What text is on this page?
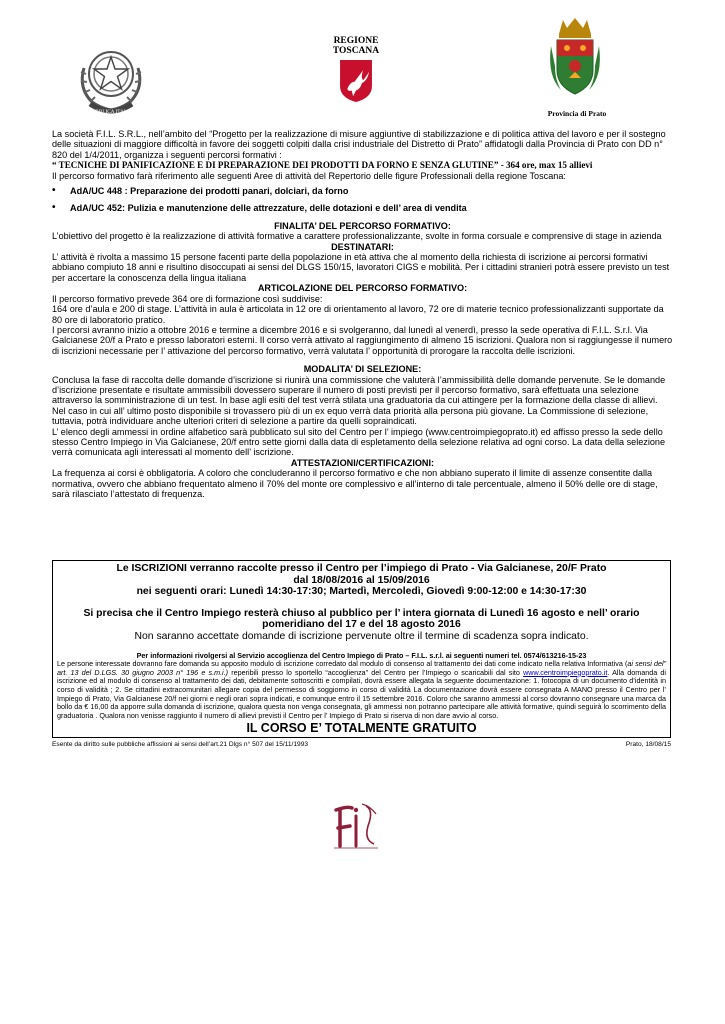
REPVBBLICA ITALIANA
REGIONE
TOSCANA
Provincia di Prato

La società F.I.L. S.R.L., nell’ambito del “Progetto per la realizzazione di misure aggiuntive di stabilizzazione e di politica attiva del lavoro e per il sostegno delle situazioni di maggiore difficoltà in favore dei soggetti colpiti dalla crisi industriale del Distretto di Prato” affidatogli dalla Provincia di Prato con DD n° 820 del 1/4/2011, organizza i seguenti percorsi formativi :

“ TECNICHE DI PANIFICAZIONE E DI PREPARAZIONE DEI PRODOTTI DA FORNO E SENZA GLUTINE” - 364 ore, max 15 allievi

Il percorso formativo farà riferimento alle seguenti Aree di attività del Repertorio delle figure Professionali della regione Toscana:

• AdA/UC 448 : Preparazione dei prodotti panari, dolciari, da forno
• AdA/UC 452: Pulizia e manutenzione delle attrezzature, delle dotazioni e dell’ area di vendita

FINALITA’ DEL PERCORSO FORMATIVO:

L’obiettivo del progetto è la realizzazione di attività formative a carattere professionalizzante, svolte in forma corsuale e comprensive di stage in azienda

DESTINATARI:

L’ attività è rivolta a massimo 15 persone facenti parte della popolazione in età attiva che al momento della richiesta di iscrizione ai percorsi formativi abbiano compiuto 18 anni e risultino disoccupati ai sensi del DLGS 150/15, lavoratori CIGS e mobilità. Per i cittadini stranieri potrà essere previsto un test per accertare la conoscenza della lingua italiana

ARTICOLAZIONE DEL PERCORSO FORMATIVO:

Il percorso formativo prevede 364 ore di formazione così suddivise:

164 ore d’aula e 200 di stage. L’attività in aula è articolata in 12 ore di orientamento al lavoro, 72 ore di materie tecnico professionalizzanti supportate da 80 ore di laboratorio pratico.

I percorsi avranno inizio a ottobre 2016 e termine a dicembre 2016 e si svolgeranno, dal lunedì al venerdì, presso la sede operativa di F.I.L. S.r.l. Via Galcianese 20/f a Prato e presso laboratori esterni. Il corso verrà attivato al raggiungimento di almeno 15 iscrizioni. Qualora non si raggiungesse il numero di iscrizioni necessarie per l’ attivazione del percorso formativo, verrà valutata l’ opportunità di prorogare la raccolta delle iscrizioni.

MODALITA’ DI SELEZIONE:

Conclusa la fase di raccolta delle domande d’iscrizione si riunirà una commissione che valuterà l’ammissibilità delle domande pervenute. Se le domande d’iscrizione presentate e risultate ammissibili dovessero superare il numero di posti previsti per il percorso formativo, sarà effettuata una selezione attraverso la somministrazione di un test. In base agli esiti del test verrà stilata una graduatoria da cui attingere per la formazione della classe di allievi. Nel caso in cui all’ ultimo posto disponibile si trovassero più di un ex equo verrà data priorità alla persona più giovane. La Commissione di selezione, tuttavia, potrà individuare anche ulteriori criteri di selezione a partire da quelli sopraindicati.

L’ elenco degli ammessi in ordine alfabetico sarà pubblicato sul sito del Centro per l’ impiego (www.centroimpiegoprato.it) ed affisso presso la sede dello stesso Centro Impiego in Via Galcianese, 20/f entro sette giorni dalla data di espletamento della selezione relativa ad ogni corso. La data della selezione verrà comunicata agli interessati al momento dell’ iscrizione.

ATTESTAZIONI/CERTIFICAZIONI:

La frequenza ai corsi è obbligatoria. A coloro che concluderanno il percorso formativo e che non abbiano superato il limite di assenze consentite dalla normativa, ovvero che abbiano frequentato almeno il 70% del monte ore complessivo e all’interno di tale percentuale, almeno il 50% delle ore di stage, sarà rilasciato l’attestato di frequenza.

Le ISCRIZIONI verranno raccolte presso il Centro per l’impiego di Prato - Via Galcianese, 20/F Prato
dal 18/08/2016 al 15/09/2016
nei seguenti orari: Lunedì 14:30-17:30; Martedì, Mercoledì, Giovedì 9:00-12:00 e 14:30-17:30
Si precisa che il Centro Impiego resterà chiuso al pubblico per l’ intera giornata di Lunedì 16 agosto e nell’ orario pomeridiano del 17 e del 18 agosto 2016
Non saranno accettate domande di iscrizione pervenute oltre il termine di scadenza sopra indicato.
Per informazioni rivolgersi al Servizio accoglienza del Centro Impiego di Prato – F.I.L. s.r.l. ai seguenti numeri tel. 0574/613216-15-23
Le persone interessate dovranno fare domanda su apposito modulo di iscrizione corredato dal modulo di consenso al trattamento dei dati come indicato nella relativa Informativa (ai sensi del” art. 13 del D.LGS. 30 giugno 2003 n° 196 e s.m.i.) reperibili presso lo sportello “accoglienza” del Centro per l’Impiego o scaricabili dal sito www.centroimpiegoprato.it. Alla domanda di iscrizione ed al modulo di consenso al trattamento dei dati, debitamente sottoscritti e compilati, dovrà essere allegata la seguente documentazione: 1. fotocopia di un documento d’identità in corso di validità ; 2. Se cittadini extracomunitari allegare copia del permesso di soggiorno in corso di validità La documentazione dovrà essere consegnata A MANO presso il Centro per l’ Impiego di Prato, Via Galcianese 20/f nei giorni e negli orari sopra indicati, e comunque entro il 15 settembre 2016. Coloro che saranno ammessi al corso dovranno consegnare una marca da bollo da € 16,00 da apporre sulla domanda di iscrizione, qualora questa non venga consegnata, gli ammessi non potranno partecipare alle attività formative, quindi seguirà lo scorrimento della graduatoria . Qualora non venisse raggiunto il numero di allievi previsti il Centro per l’ Impiego di Prato si riserva di non dare avvio al corso.
IL CORSO E’ TOTALMENTE GRATUITO
Esente da diritto sulle pubbliche affissioni ai sensi dell’art.21 Dlgs n° 507 del 15/11/1993	Prato, 18/08/15
